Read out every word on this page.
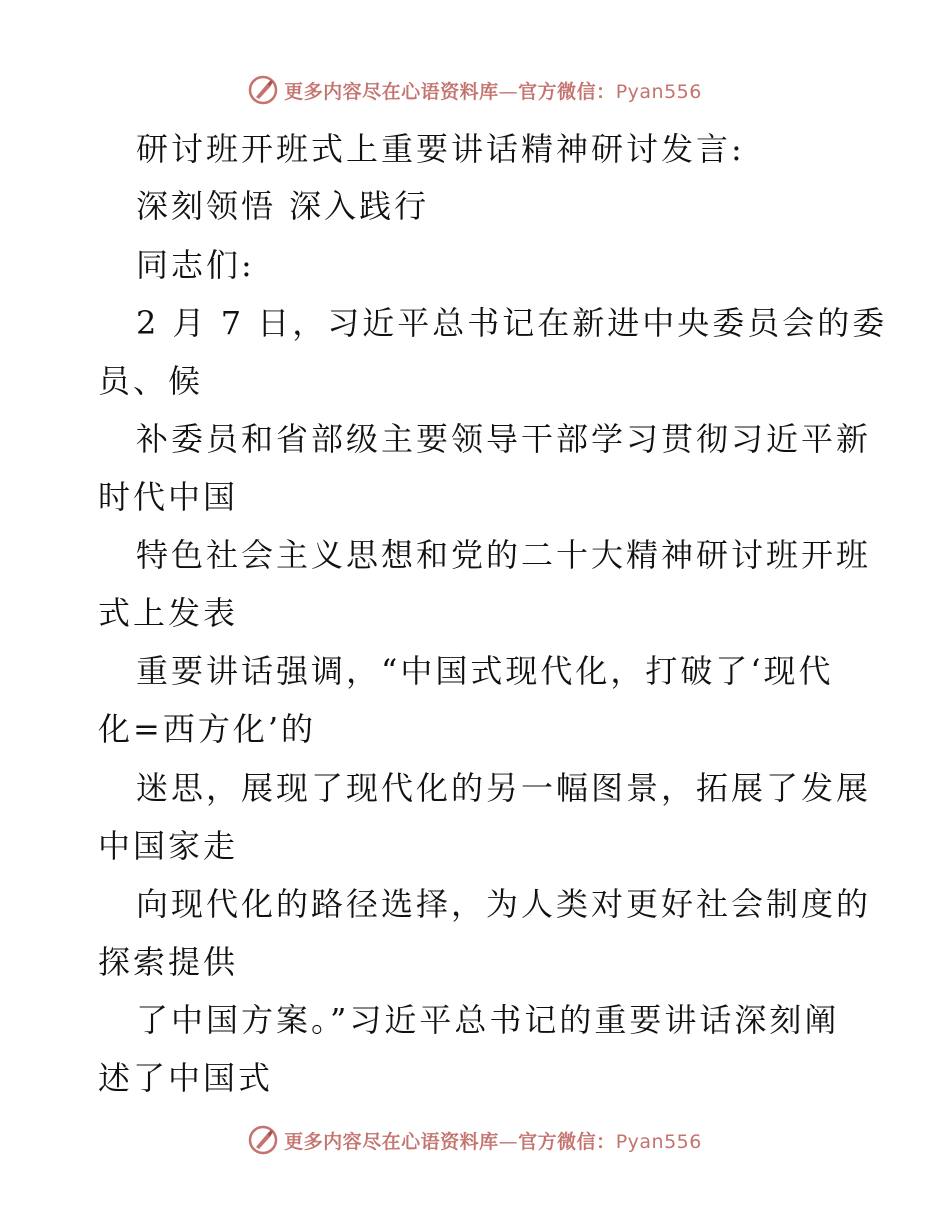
更多内容尽在心语资料库—官方微信：Pyan556
研讨班开班式上重要讲话精神研讨发言:
深刻领悟 深入践行
同志们:
2 月 7 日，习近平总书记在新进中央委员会的委
员、候
补委员和省部级主要领导干部学习贯彻习近平新
时代中国
特色社会主义思想和党的二十大精神研讨班开班
式上发表
重要讲话强调，“中国式现代化，打破了‘现代
化=西方化’的
迷思，展现了现代化的另一幅图景，拓展了发展
中国家走
向现代化的路径选择，为人类对更好社会制度的
探索提供
了中国方案。”习近平总书记的重要讲话深刻阐
述了中国式
更多内容尽在心语资料库—官方微信：Pyan556
